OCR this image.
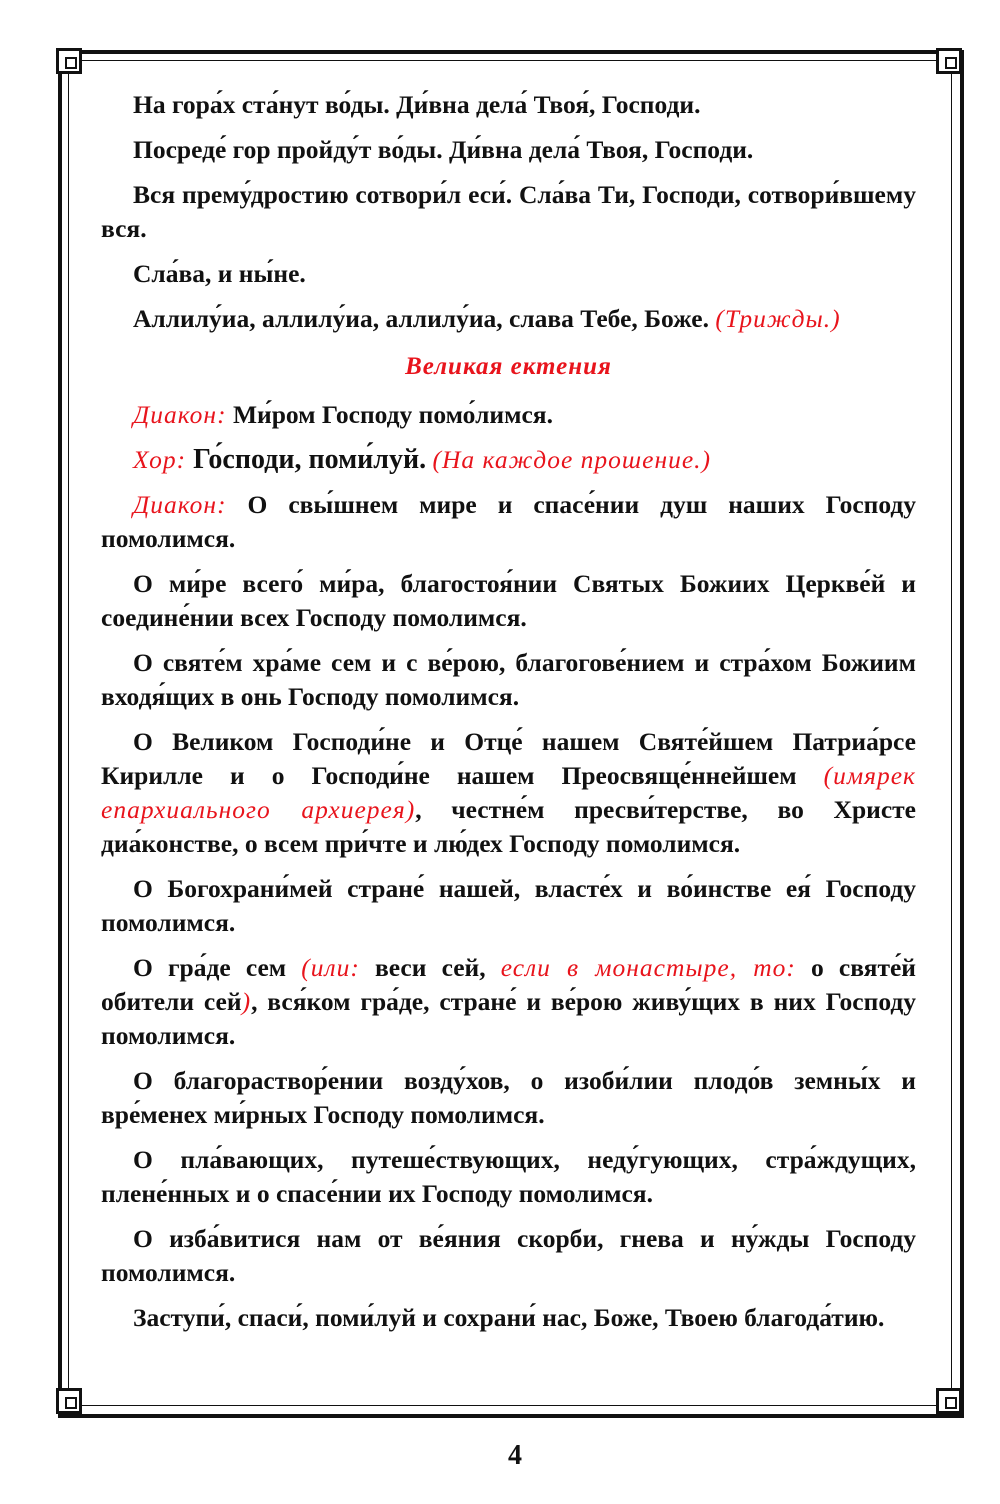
На гора́х ста́нут во́ды. Ди́вна дела́ Твоя́, Господи.

Посреде́ гор пройду́т во́ды. Ди́вна дела́ Твоя, Господи.

Вся прему́дростию сотвори́л еси́. Сла́ва Ти, Господи, сотвори́вшему вся.

Сла́ва, и ны́не.

Аллилу́иа, аллилу́иа, аллилу́иа, слава Тебе, Боже. (Трижды.)

Великая ектения

Диакон: Ми́ром Господу помо́лимся.

Хор: Го́споди, поми́луй. (На каждое прошение.)

Диакон: О свы́шнем мире и спасе́нии душ наших Господу помолимся.

О ми́ре всего́ ми́ра, благостоя́нии Святых Божиих Церкве́й и соедине́нии всех Господу помолимся.

О святе́м хра́ме сем и с ве́рою, благогове́нием и стра́хом Божиим входя́щих в онь Господу помолимся.

О Великом Господи́не и Отце́ нашем Святе́йшем Патриа́рсе Кирилле и о Господи́не нашем Преосвяще́ннейшем (имярек епархиального архиерея), честне́м пресви́терстве, во Христе диа́констве, о всем при́чте и лю́дех Господу помолимся.

О Богохрани́мей стране́ нашей, власте́х и во́инстве ея́ Господу помолимся.

О гра́де сем (или: веси сей, если в монастыре, то: о святе́й обители сей), вся́ком гра́де, стране́ и ве́рою живу́щих в них Господу помолимся.

О благораствор́ении возду́хов, о изоби́лии плодо́в земны́х и вре́менех ми́рных Господу помолимся.

О пла́вающих, путеше́ствующих, неду́гующих, стра́ждущих, плене́нных и о спасе́нии их Господу помолимся.

О изба́витися нам от ве́яния скорби, гнева и ну́жды Господу помолимся.

Заступи́, спаси́, поми́луй и сохрани́ нас, Боже, Твоею благода́тию.

4
